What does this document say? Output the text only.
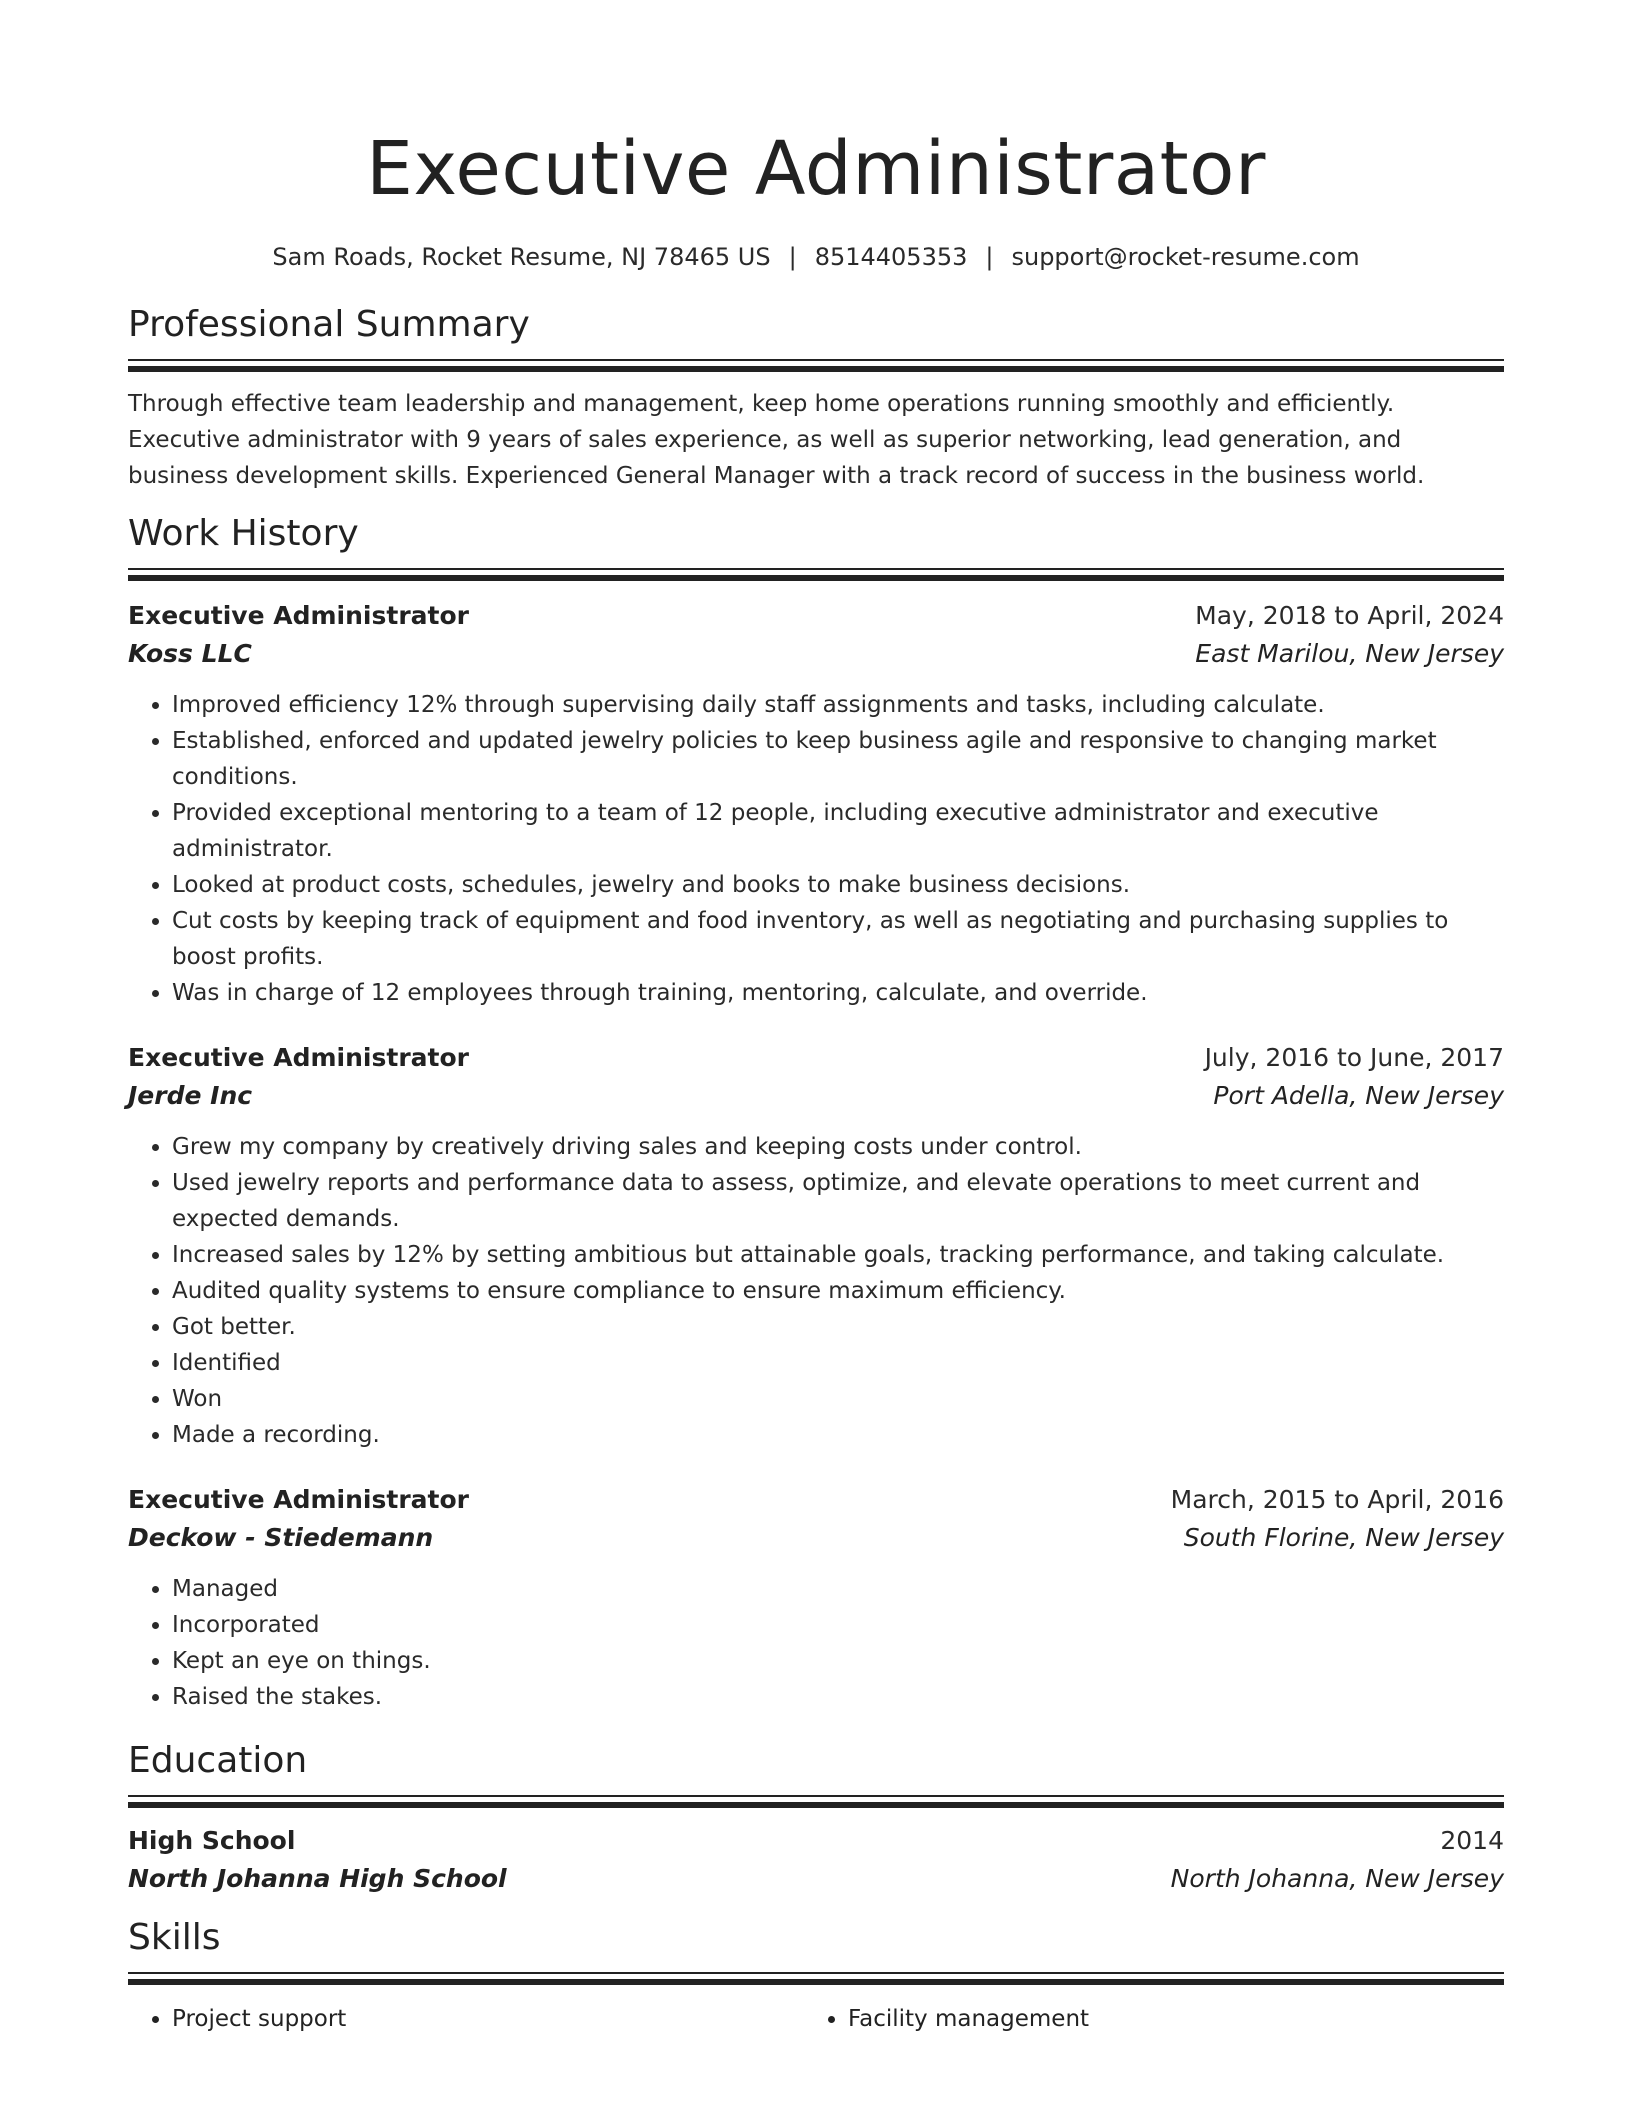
Executive Administrator
Sam Roads, Rocket Resume, NJ 78465 US | 8514405353 | support@rocket-resume.com
Professional Summary

Through effective team leadership and management, keep home operations running smoothly and efficiently. Executive administrator with 9 years of sales experience, as well as superior networking, lead generation, and business development skills. Experienced General Manager with a track record of success in the business world.

Work History
Executive Administrator	May, 2018 to April, 2024
Koss LLC	East Marilou, New Jersey
• Improved efficiency 12% through supervising daily staff assignments and tasks, including calculate.
• Established, enforced and updated jewelry policies to keep business agile and responsive to changing market conditions.
• Provided exceptional mentoring to a team of 12 people, including executive administrator and executive administrator.
• Looked at product costs, schedules, jewelry and books to make business decisions.
• Cut costs by keeping track of equipment and food inventory, as well as negotiating and purchasing supplies to boost profits.
• Was in charge of 12 employees through training, mentoring, calculate, and override.
Executive Administrator	July, 2016 to June, 2017
Jerde Inc	Port Adella, New Jersey
• Grew my company by creatively driving sales and keeping costs under control.
• Used jewelry reports and performance data to assess, optimize, and elevate operations to meet current and expected demands.
• Increased sales by 12% by setting ambitious but attainable goals, tracking performance, and taking calculate.
• Audited quality systems to ensure compliance to ensure maximum efficiency.
• Got better.
• Identified
• Won
• Made a recording.
Executive Administrator	March, 2015 to April, 2016
Deckow - Stiedemann	South Florine, New Jersey
• Managed
• Incorporated
• Kept an eye on things.
• Raised the stakes.
Education
High School	2014
North Johanna High School	North Johanna, New Jersey
Skills
• Project support
•	Facility management
